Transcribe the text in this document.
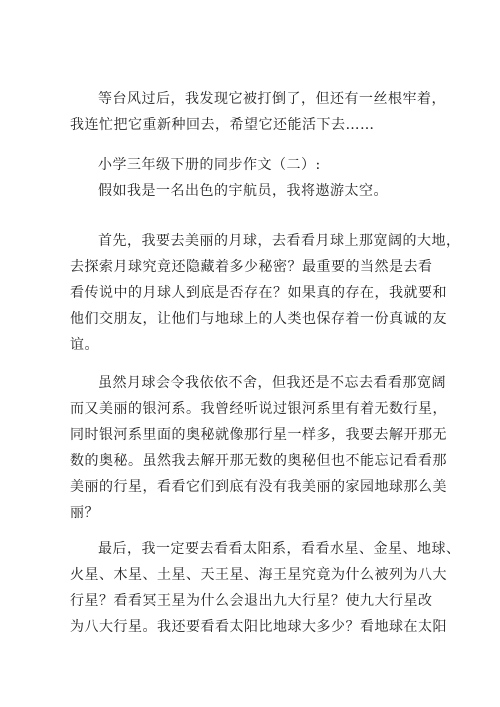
等台风过后，我发现它被打倒了，但还有一丝根牢着，
我连忙把它重新种回去，希望它还能活下去……
小学三年级下册的同步作文（二）:
假如我是一名出色的宇航员，我将遨游太空。
首先，我要去美丽的月球，去看看月球上那宽阔的大地，
去探索月球究竟还隐藏着多少秘密？最重要的当然是去看
看传说中的月球人到底是否存在？如果真的存在，我就要和
他们交朋友，让他们与地球上的人类也保存着一份真诚的友
谊。
虽然月球会令我依依不舍，但我还是不忘去看看那宽阔
而又美丽的银河系。我曾经听说过银河系里有着无数行星，
同时银河系里面的奥秘就像那行星一样多，我要去解开那无
数的奥秘。虽然我去解开那无数的奥秘但也不能忘记看看那
美丽的行星，看看它们到底有没有我美丽的家园地球那么美
丽？
最后，我一定要去看看太阳系，看看水星、金星、地球、
火星、木星、土星、天王星、海王星究竟为什么被列为八大
行星？看看冥王星为什么会退出九大行星？使九大行星改
为八大行星。我还要看看太阳比地球大多少？看地球在太阳
